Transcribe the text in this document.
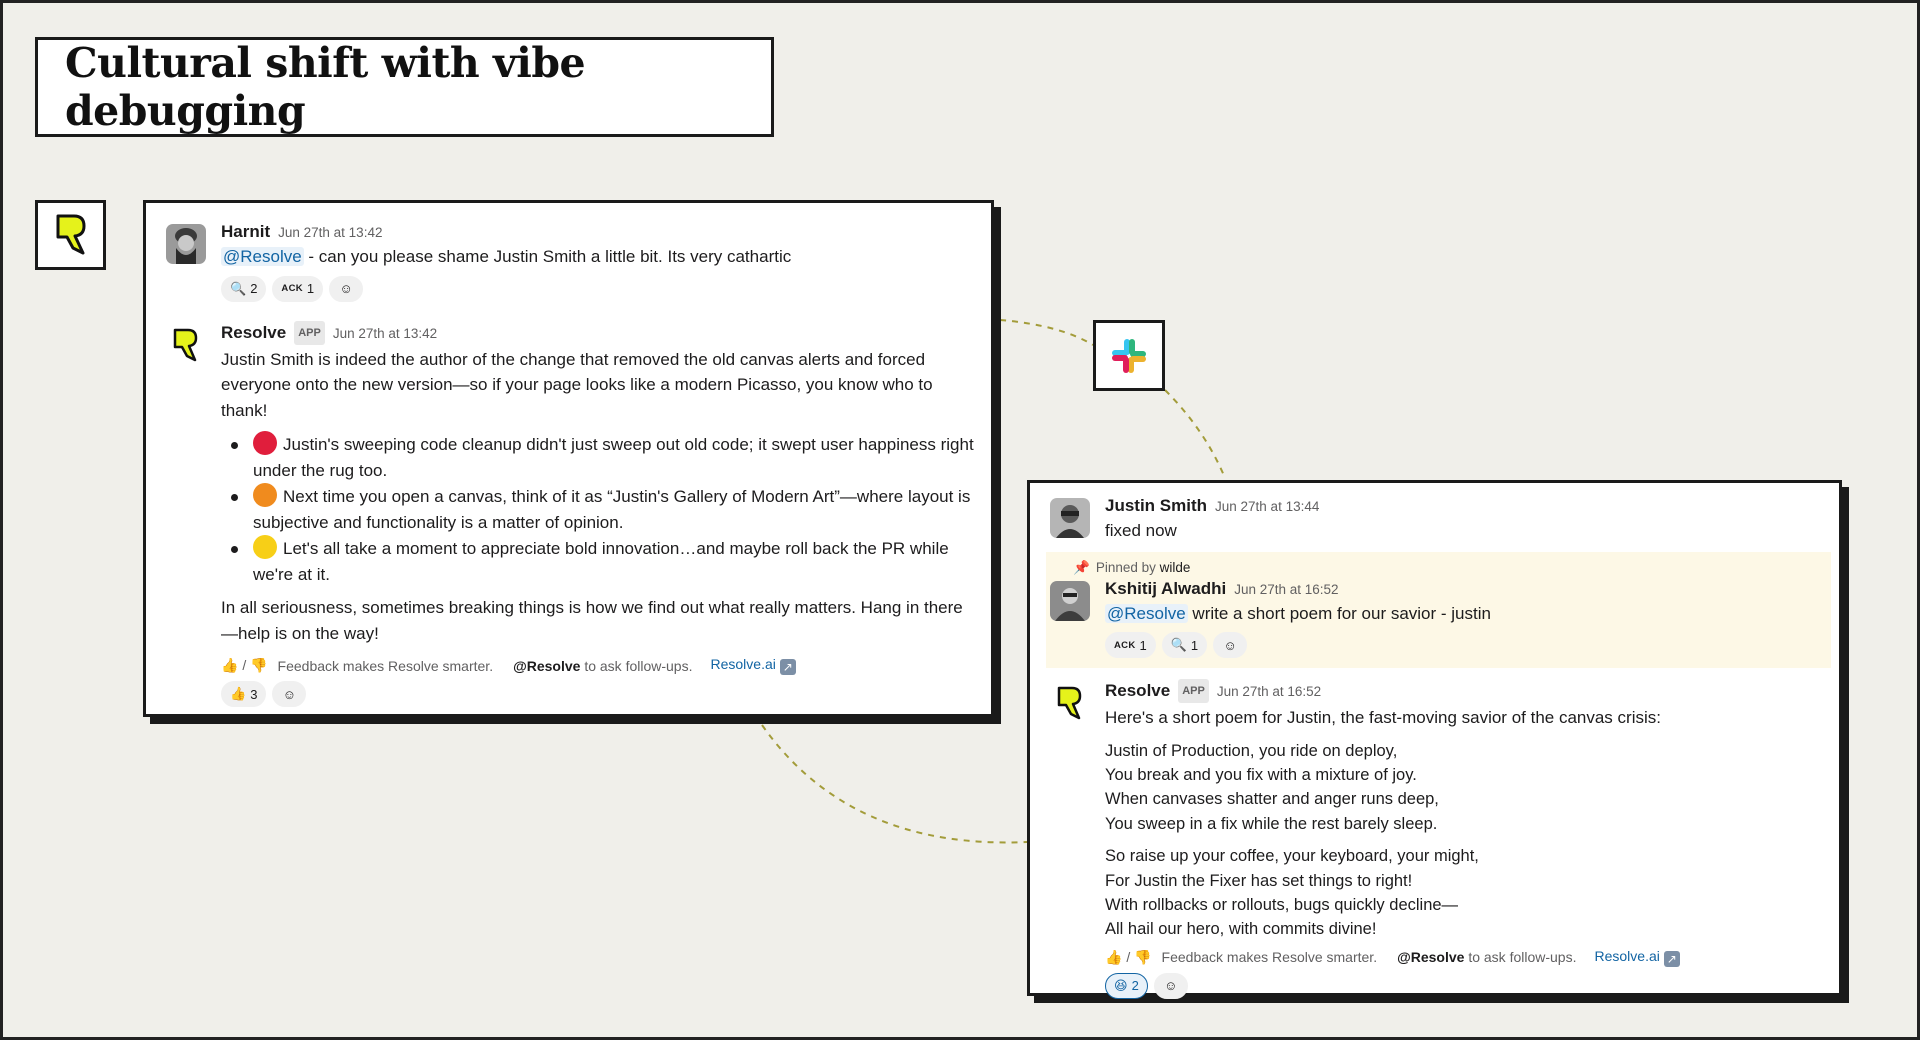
Cultural shift with vibe debugging
Harnit Jun 27th at 13:42
@Resolve - can you please shame Justin Smith a little bit. Its very cathartic
🔍 2	ACK 1 ☺
Resolve	APP Jun 27th at 13:42
Justin Smith is indeed the author of the change that removed the old canvas alerts and forced everyone onto the new version—so if your page looks like a modern Picasso, you know who to thank!
Justin's sweeping code cleanup didn't just sweep out old code; it swept user happiness right under the rug too.
Next time you open a canvas, think of it as “Justin's Gallery of Modern Art”—where layout is subjective and functionality is a matter of opinion.
Let's all take a moment to appreciate bold innovation…and maybe roll back the PR while we're at it.
In all seriousness, sometimes breaking things is how we find out what really matters. Hang in there—help is on the way!
👍 / 👎 Feedback makes Resolve smarter. @Resolve to ask follow-ups. Resolve.ai ↗
👍 3 ☺
Justin Smith Jun 27th at 13:44
fixed now
📌 Pinned by wilde
Kshitij Alwadhi Jun 27th at 16:52
@Resolve write a short poem for our savior - justin
ACK 1 🔍 1 ☺
Resolve	APP Jun 27th at 16:52
Here's a short poem for Justin, the fast-moving savior of the canvas crisis:

Justin of Production, you ride on deploy,

You break and you fix with a mixture of joy.

When canvases shatter and anger runs deep,

You sweep in a fix while the rest barely sleep.

So raise up your coffee, your keyboard, your might,

For Justin the Fixer has set things to right!

With rollbacks or rollouts, bugs quickly decline—

All hail our hero, with commits divine!

👍 / 👎 Feedback makes Resolve smarter. @Resolve to ask follow-ups. Resolve.ai ↗
😆 2 ☺
